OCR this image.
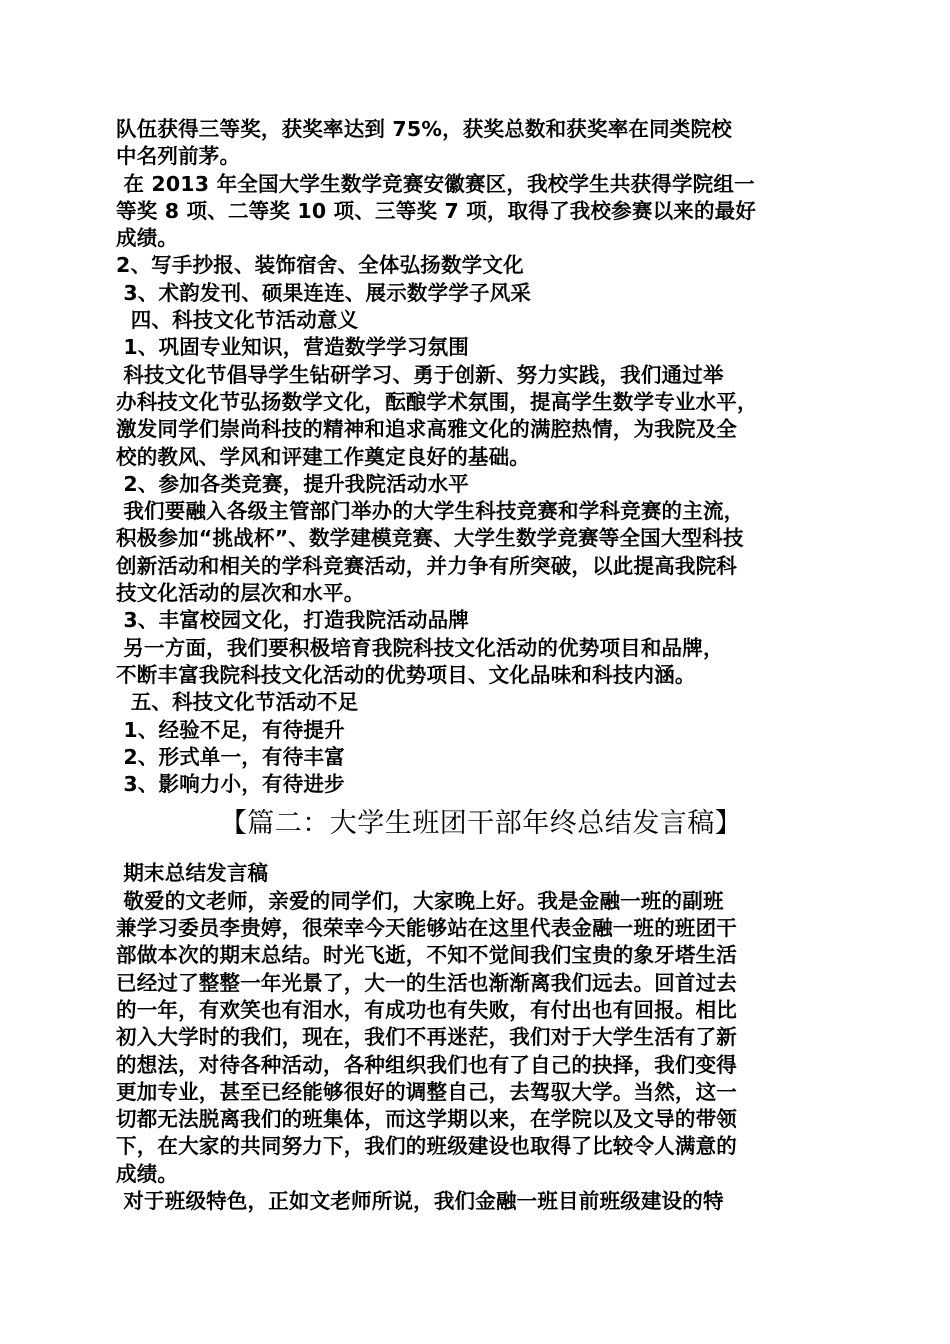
队伍获得三等奖，获奖率达到 75%，获奖总数和获奖率在同类院校

中名列前茅。

在 2013 年全国大学生数学竞赛安徽赛区，我校学生共获得学院组一

等奖 8 项、二等奖 10 项、三等奖 7 项，取得了我校参赛以来的最好

成绩。

2、写手抄报、装饰宿舍、全体弘扬数学文化

3、术韵发刊、硕果连连、展示数学学子风采

四、科技文化节活动意义

1、巩固专业知识，营造数学学习氛围

科技文化节倡导学生钻研学习、勇于创新、努力实践，我们通过举

办科技文化节弘扬数学文化，酝酿学术氛围，提高学生数学专业水平，

激发同学们崇尚科技的精神和追求高雅文化的满腔热情，为我院及全

校的教风、学风和评建工作奠定良好的基础。

2、参加各类竞赛，提升我院活动水平

我们要融入各级主管部门举办的大学生科技竞赛和学科竞赛的主流，

积极参加“挑战杯”、数学建模竞赛、大学生数学竞赛等全国大型科技

创新活动和相关的学科竞赛活动，并力争有所突破，以此提高我院科

技文化活动的层次和水平。

3、丰富校园文化，打造我院活动品牌

另一方面，我们要积极培育我院科技文化活动的优势项目和品牌，

不断丰富我院科技文化活动的优势项目、文化品味和科技内涵。

五、科技文化节活动不足

1、经验不足，有待提升

2、形式单一，有待丰富

3、影响力小，有待进步

【篇二：大学生班团干部年终总结发言稿】

期末总结发言稿

敬爱的文老师，亲爱的同学们，大家晚上好。我是金融一班的副班

兼学习委员李贵婷，很荣幸今天能够站在这里代表金融一班的班团干

部做本次的期末总结。时光飞逝，不知不觉间我们宝贵的象牙塔生活

已经过了整整一年光景了，大一的生活也渐渐离我们远去。回首过去

的一年，有欢笑也有泪水，有成功也有失败，有付出也有回报。相比

初入大学时的我们，现在，我们不再迷茫，我们对于大学生活有了新

的想法，对待各种活动，各种组织我们也有了自己的抉择，我们变得

更加专业，甚至已经能够很好的调整自己，去驾驭大学。当然，这一

切都无法脱离我们的班集体，而这学期以来，在学院以及文导的带领

下，在大家的共同努力下，我们的班级建设也取得了比较令人满意的

成绩。

对于班级特色，正如文老师所说，我们金融一班目前班级建设的特
